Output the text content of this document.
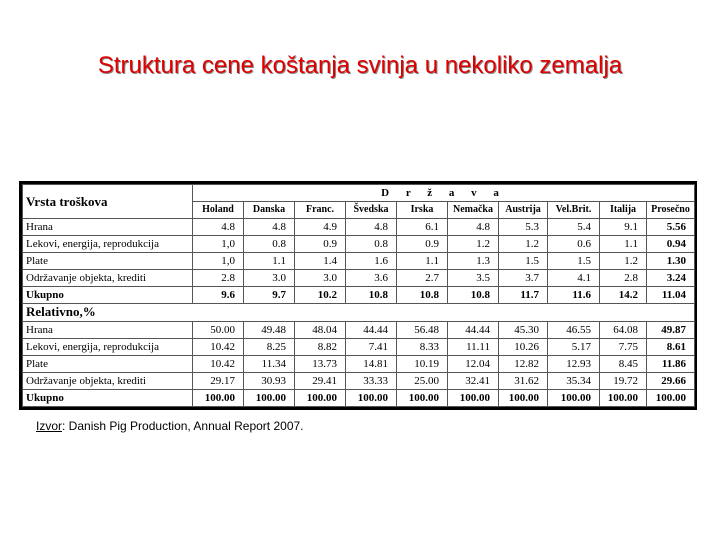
Struktura cene koštanja svinja u nekoliko zemalja
Vrsta troškova	D r ž a v a									
	Holand	Danska	Franc.	Švedska	Irska	Nemačka	Austrija	Vel.Brit.	Italija	Prosečno
Hrana	4.8	4.8	4.9	4.8	6.1	4.8	5.3	5.4	9.1	5.56
Lekovi, energija, reprodukcija	1,0	0.8	0.9	0.8	0.9	1.2	1.2	0.6	1.1	0.94
Plate	1,0	1.1	1.4	1.6	1.1	1.3	1.5	1.5	1.2	1.30
Održavanje objekta, krediti	2.8	3.0	3.0	3.6	2.7	3.5	3.7	4.1	2.8	3.24
Ukupno	9.6	9.7	10.2	10.8	10.8	10.8	11.7	11.6	14.2	11.04
Relativno,%										
Hrana	50.00	49.48	48.04	44.44	56.48	44.44	45.30	46.55	64.08	49.87
Lekovi, energija, reprodukcija	10.42	8.25	8.82	7.41	8.33	11.11	10.26	5.17	7.75	8.61
Plate	10.42	11.34	13.73	14.81	10.19	12.04	12.82	12.93	8.45	11.86
Održavanje objekta, krediti	29.17	30.93	29.41	33.33	25.00	32.41	31.62	35.34	19.72	29.66
Ukupno	100.00	100.00	100.00	100.00	100.00	100.00	100.00	100.00	100.00	100.00
Izvor: Danish Pig Production, Annual Report 2007.
